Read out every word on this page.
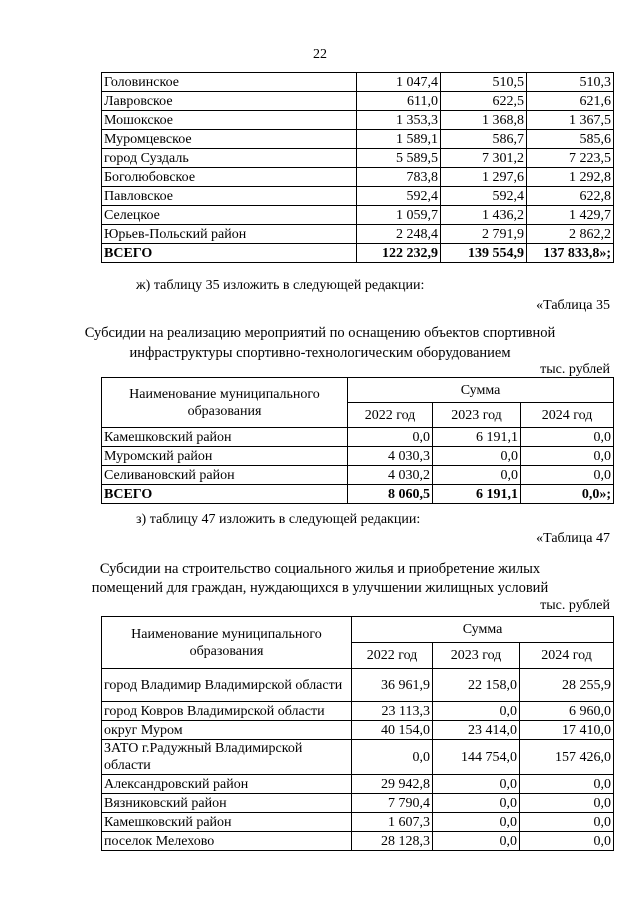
22
Головинское	1 047,4	510,5	510,3
Лавровское	611,0	622,5	621,6
Мошокское	1 353,3	1 368,8	1 367,5
Муромцевское	1 589,1	586,7	585,6
город Суздаль	5 589,5	7 301,2	7 223,5
Боголюбовское	783,8	1 297,6	1 292,8
Павловское	592,4	592,4	622,8
Селецкое	1 059,7	1 436,2	1 429,7
Юрьев-Польский район	2 248,4	2 791,9	2 862,2
ВСЕГО	122 232,9	139 554,9	137 833,8»;
ж) таблицу 35 изложить в следующей редакции:
«Таблица 35
Субсидии на реализацию мероприятий по оснащению объектов спортивной
инфраструктуры спортивно-технологическим оборудованием
тыс. рублей
Наименование муниципального образования	Сумма		
	2022 год	2023 год	2024 год
Камешковский район	0,0	6 191,1	0,0
Муромский район	4 030,3	0,0	0,0
Селивановский район	4 030,2	0,0	0,0
ВСЕГО	8 060,5	6 191,1	0,0»;
з) таблицу 47 изложить в следующей редакции:
«Таблица 47
Субсидии на строительство социального жилья и приобретение жилых
помещений для граждан, нуждающихся в улучшении жилищных условий
тыс. рублей
Наименование муниципального образования	Сумма		
	2022 год	2023 год	2024 год
город Владимир Владимирской области	36 961,9	22 158,0	28 255,9
город Ковров Владимирской области	23 113,3	0,0	6 960,0
округ Муром	40 154,0	23 414,0	17 410,0
ЗАТО г.Радужный Владимирской области	0,0	144 754,0	157 426,0
Александровский район	29 942,8	0,0	0,0
Вязниковский район	7 790,4	0,0	0,0
Камешковский район	1 607,3	0,0	0,0
поселок Мелехово	28 128,3	0,0	0,0
